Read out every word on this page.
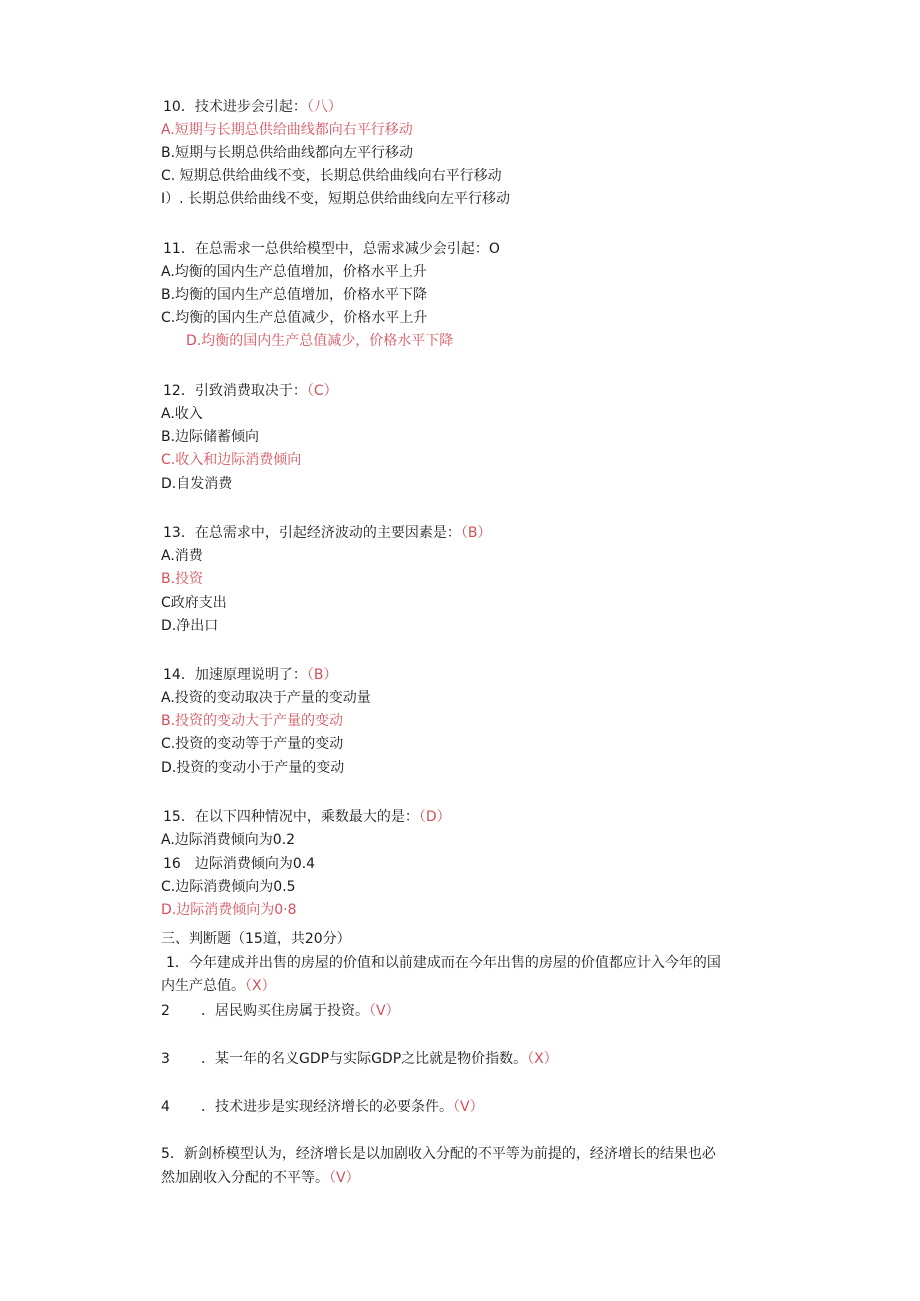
10．技术进步会引起：（八）
A.短期与长期总供给曲线都向右平行移动
B.短期与长期总供给曲线都向左平行移动
C. 短期总供给曲线不变，长期总供给曲线向右平行移动
I）. 长期总供给曲线不变，短期总供给曲线向左平行移动
11．在总需求一总供给模型中，总需求减少会引起：O
A.均衡的国内生产总值增加，价格水平上升
B.均衡的国内生产总值增加，价格水平下降
C.均衡的国内生产总值减少，价格水平上升
D.均衡的国内生产总值减少，价格水平下降
12．引致消费取决于：（C）
A.收入
B.边际储蓄倾向
C.收入和边际消费倾向
D.自发消费
13．在总需求中，引起经济波动的主要因素是：（B）
A.消费
B.投资
C政府支出
D.净出口
14．加速原理说明了：（B）
A.投资的变动取决于产量的变动量
B.投资的变动大于产量的变动
C.投资的变动等于产量的变动
D.投资的变动小于产量的变动
15．在以下四种情况中，乘数最大的是：（D）
A.边际消费倾向为0.2
16　边际消费倾向为0.4
C.边际消费倾向为0.5
D.边际消费倾向为0·8
三、判断题（15道，共20分）
1．今年建成并出售的房屋的价值和以前建成而在今年出售的房屋的价值都应计入今年的国
内生产总值。（X）
2 ．居民购买住房属于投资。（V）
3 ．某一年的名义GDP与实际GDP之比就是物价指数。（X）
4 ．技术进步是实现经济增长的必要条件。（V）
5．新剑桥模型认为，经济增长是以加剧收入分配的不平等为前提的，经济增长的结果也必
然加剧收入分配的不平等。（V）
